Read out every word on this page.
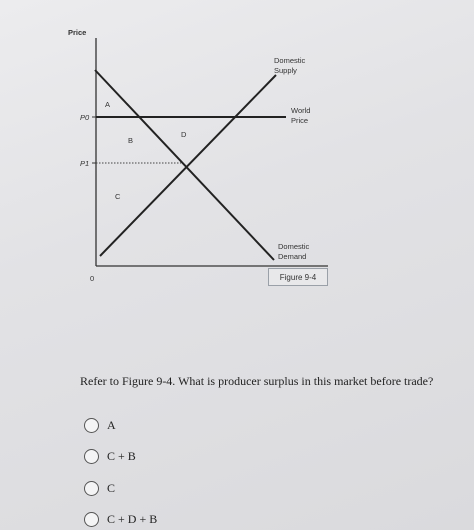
Price
0
P0
P1
A
B
C
D
Domestic
Supply
World
Price
Domestic
Demand
Figure 9-4
Refer to Figure 9-4. What is producer surplus in this market before trade?
A
C + B
C
C + D + B
